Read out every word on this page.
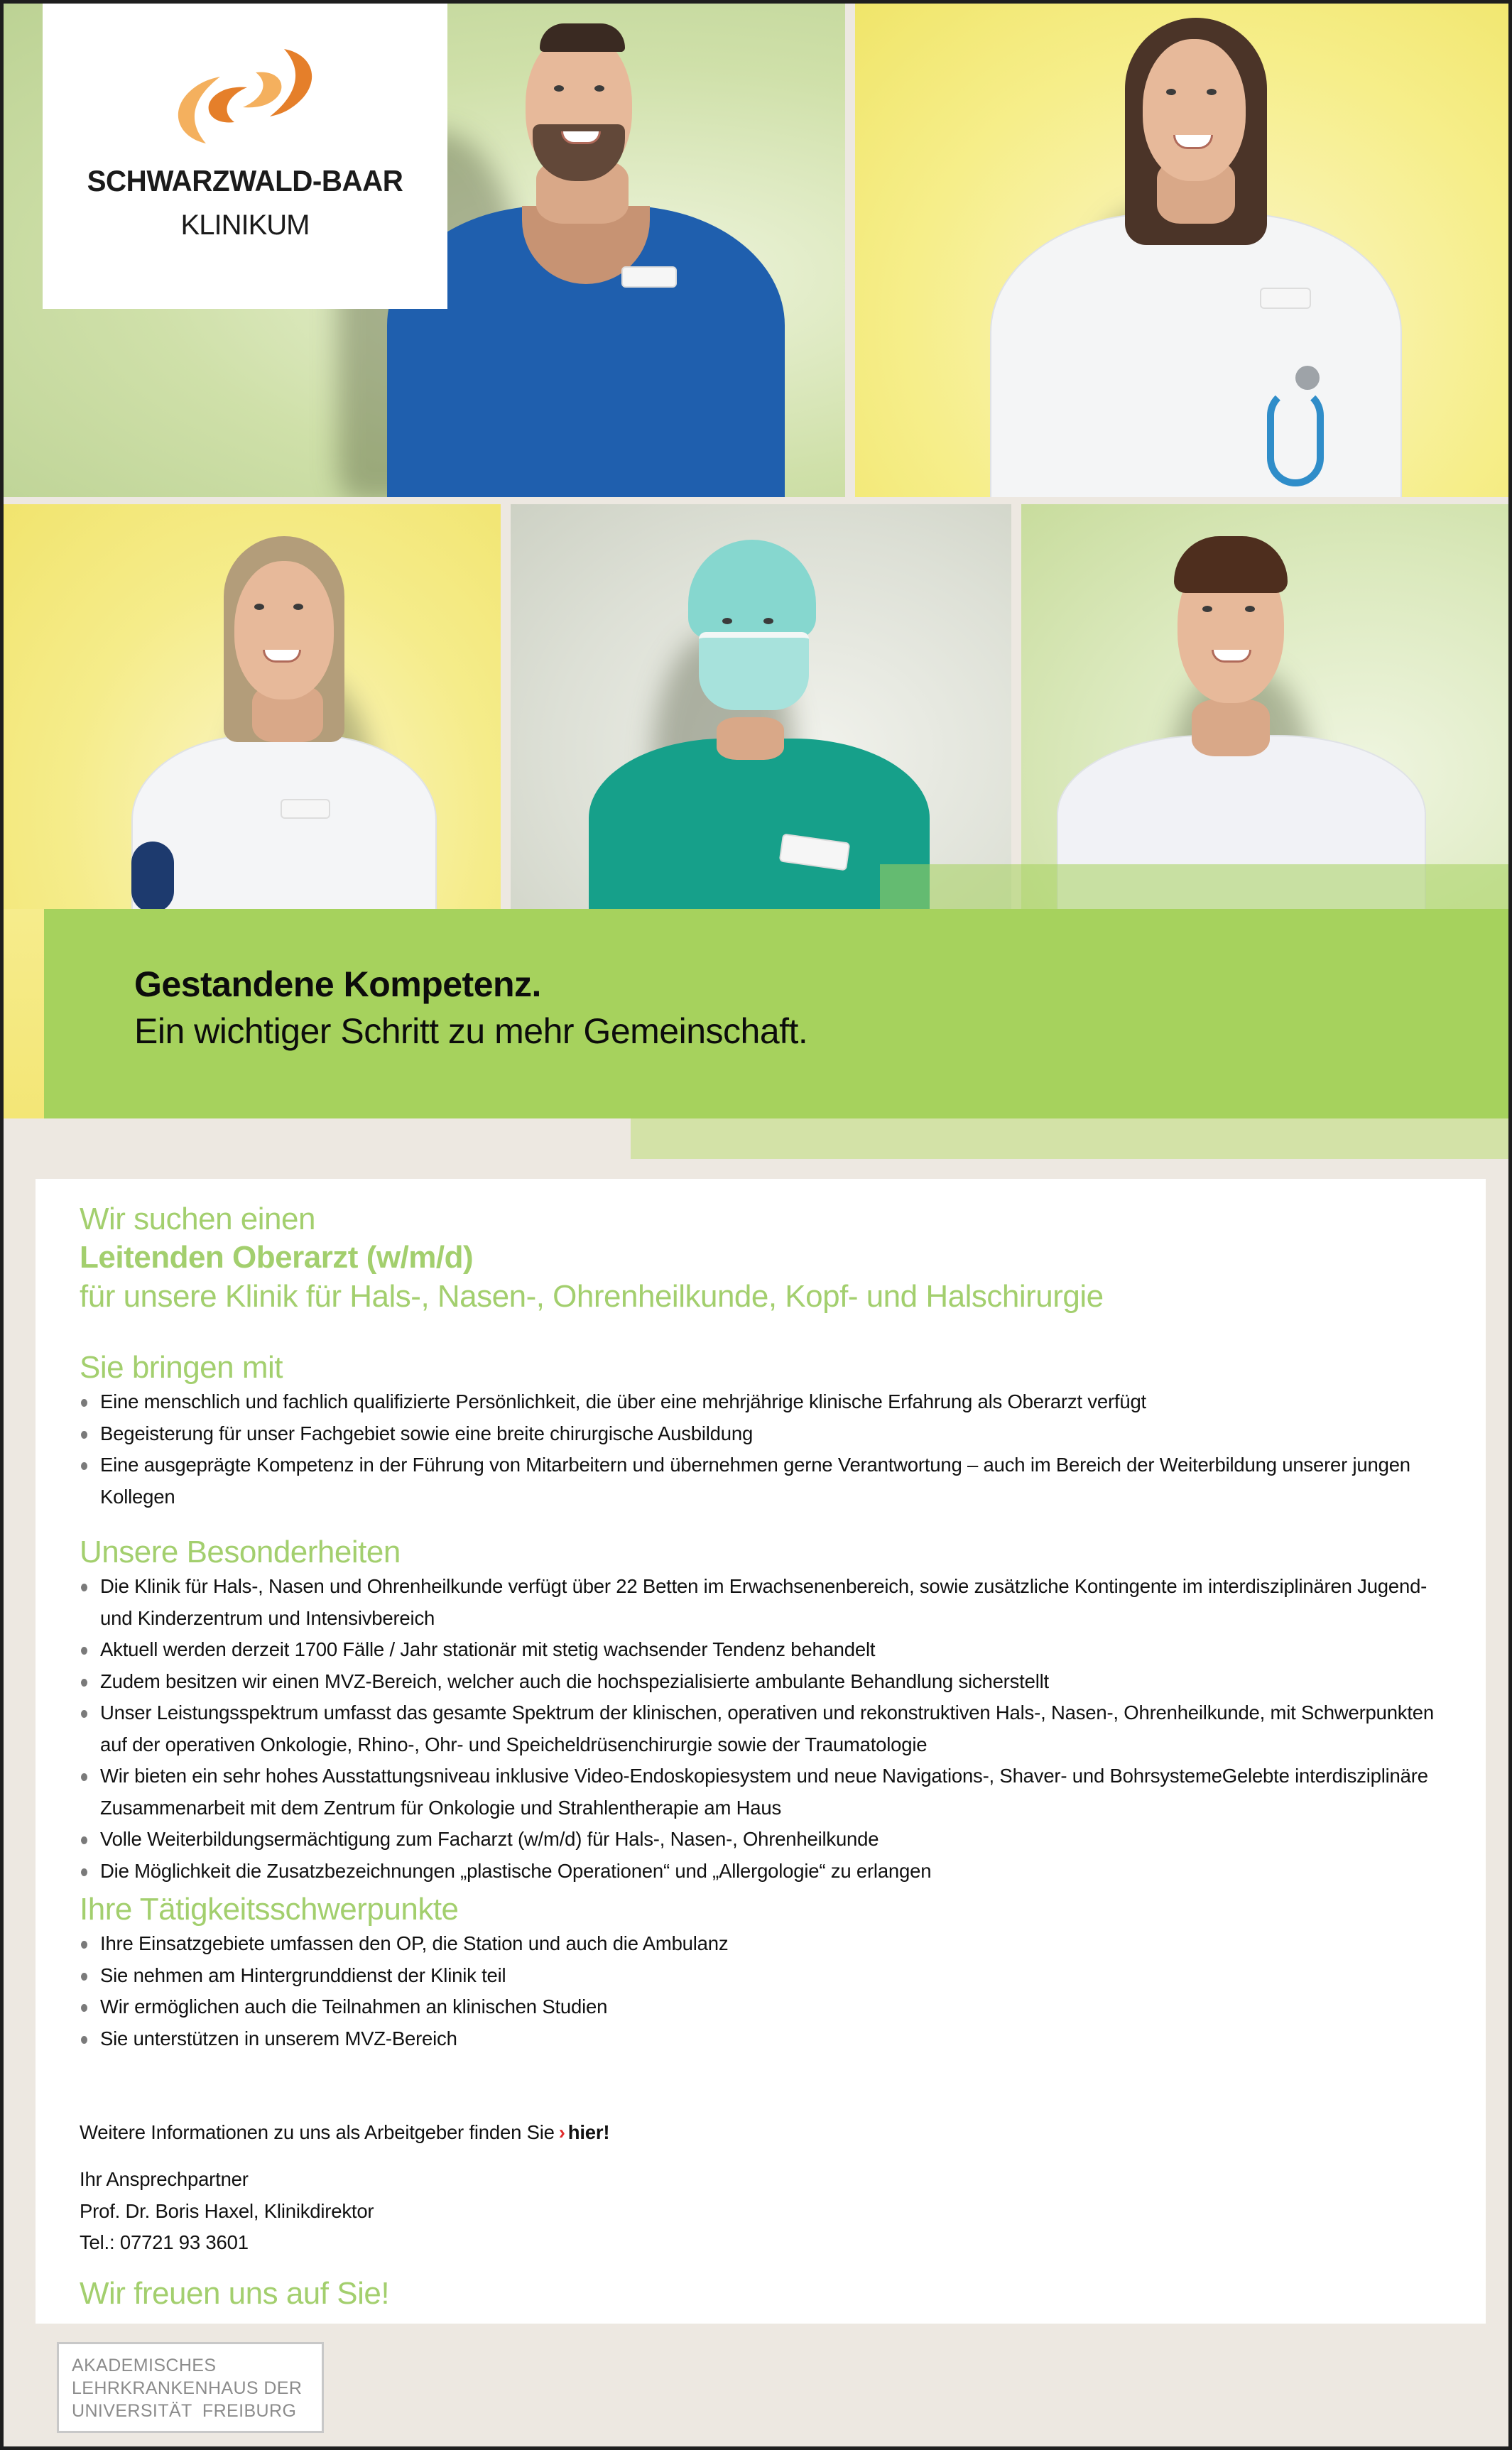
SCHWARZWALD-BAAR
KLINIKUM
Gestandene Kompetenz.
Ein wichtiger Schritt zu mehr Gemeinschaft.
Wir suchen einen
Leitenden Oberarzt (w/m/d)
für unsere Klinik für Hals-, Nasen-, Ohrenheilkunde, Kopf- und Halschirurgie
Sie bringen mit
Eine menschlich und fachlich qualifizierte Persönlichkeit, die über eine mehrjährige klinische Erfahrung als Oberarzt verfügt
Begeisterung für unser Fachgebiet sowie eine breite chirurgische Ausbildung
Eine ausgeprägte Kompetenz in der Führung von Mitarbeitern und übernehmen gerne Verantwortung – auch im Bereich der Weiterbildung unserer jungen Kollegen
Unsere Besonderheiten
Die Klinik für Hals-, Nasen und Ohrenheilkunde verfügt über 22 Betten im Erwachsenenbereich, sowie zusätzliche Kontingente im interdisziplinären Jugend- und Kinderzentrum und Intensivbereich
Aktuell werden derzeit 1700 Fälle / Jahr stationär mit stetig wachsender Tendenz behandelt
Zudem besitzen wir einen MVZ-Bereich, welcher auch die hochspezialisierte ambulante Behandlung sicherstellt
Unser Leistungsspektrum umfasst das gesamte Spektrum der klinischen, operativen und rekonstruktiven Hals-, Nasen-, Ohrenheilkunde, mit Schwerpunkten auf der operativen Onkologie, Rhino-, Ohr- und Speicheldrüsenchirurgie sowie der Traumatologie
Wir bieten ein sehr hohes Ausstattungsniveau inklusive Video-Endoskopiesystem und neue Navigations-, Shaver- und BohrsystemeGelebte interdisziplinäre Zusammenarbeit mit dem Zentrum für Onkologie und Strahlentherapie am Haus
Volle Weiterbildungsermächtigung zum Facharzt (w/m/d) für Hals-, Nasen-, Ohrenheilkunde
Die Möglichkeit die Zusatzbezeichnungen „plastische Operationen“ und „Allergologie“ zu erlangen
Ihre Tätigkeitsschwerpunkte
Ihre Einsatzgebiete umfassen den OP, die Station und auch die Ambulanz
Sie nehmen am Hintergrunddienst der Klinik teil
Wir ermöglichen auch die Teilnahmen an klinischen Studien
Sie unterstützen in unserem MVZ-Bereich
Weitere Informationen zu uns als Arbeitgeber finden Sie › hier!
Ihr Ansprechpartner
Prof. Dr. Boris Haxel, Klinikdirektor
Tel.: 07721 93 3601
Wir freuen uns auf Sie!
AKADEMISCHES
LEHRKRANKENHAUS DER
UNIVERSITÄT  FREIBURG
